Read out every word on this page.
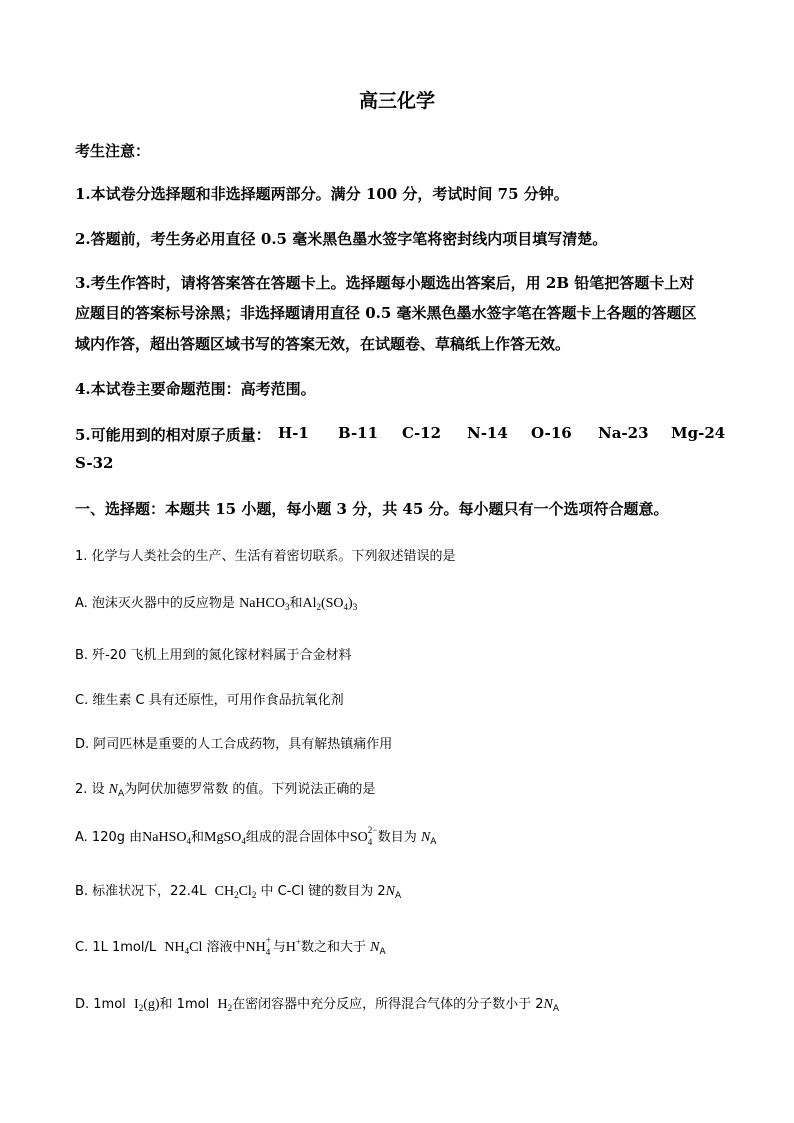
高三化学
考生注意：
1.本试卷分选择题和非选择题两部分。满分 100 分，考试时间 75 分钟。
2.答题前，考生务必用直径 0.5 毫米黑色墨水签字笔将密封线内项目填写清楚。
3.考生作答时，请将答案答在答题卡上。选择题每小题选出答案后，用 2B 铅笔把答题卡上对
应题目的答案标号涂黑；非选择题请用直径 0.5 毫米黑色墨水签字笔在答题卡上各题的答题区
域内作答，超出答题区域书写的答案无效，在试题卷、草稿纸上作答无效。
4.本试卷主要命题范围：高考范围。
5.可能用到的相对原子质量： H-1 B-11 C-12 N-14 O-16 Na-23 Mg-24
S-32
一、选择题：本题共 15 小题，每小题 3 分，共 45 分。每小题只有一个选项符合题意。
1. 化学与人类社会的生产、生活有着密切联系。下列叙述错误的是
A. 泡沫灭火器中的反应物是 NaHCO$_3$和$Al_2(SO_4)_3$
B. 歼-20 飞机上用到的氮化镓材料属于合金材料
C. 维生素 C 具有还原性，可用作食品抗氧化剂
D. 阿司匹林是重要的人工合成药物，具有解热镇痛作用
2. 设 $N_A$为阿伏加德罗常数 的值。下列说法正确的是
A. 120g 由NaHSO$_4$和MgSO$_4$组成的混合固体中SO 2−
4 数目为 $N_A$
B. 标准状况下，22.4L $CH_2Cl_2$ 中 C-Cl 键的数目为 $2N_A$
C. 1L 1mol/L $NH_4Cl$ 溶液中NH +
4 与H+数之和大于 $N_A$
D. 1mol $I_2(g)$和 1mol $H_2$在密闭容器中充分反应，所得混合气体的分子数小于 $2N_A$
